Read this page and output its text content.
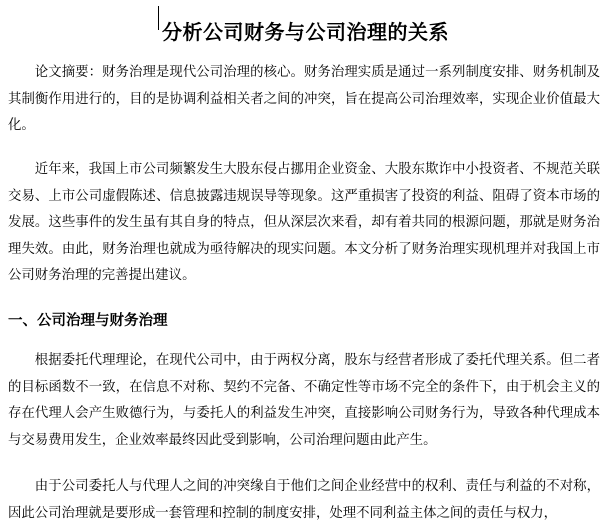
分析公司财务与公司治理的关系

论文摘要：财务治理是现代公司治理的核心。财务治理实质是通过一系列制度安排、财务机制及其制衡作用进行的，目的是协调利益相关者之间的冲突，旨在提高公司治理效率，实现企业价值最大化。

近年来，我国上市公司频繁发生大股东侵占挪用企业资金、大股东欺诈中小投资者、不规范关联交易、上市公司虚假陈述、信息披露违规误导等现象。这严重损害了投资的利益、阻碍了资本市场的发展。这些事件的发生虽有其自身的特点，但从深层次来看，却有着共同的根源问题，那就是财务治理失效。由此，财务治理也就成为亟待解决的现实问题。本文分析了财务治理实现机理并对我国上市公司财务治理的完善提出建议。

一、公司治理与财务治理

根据委托代理理论，在现代公司中，由于两权分离，股东与经营者形成了委托代理关系。但二者的目标函数不一致，在信息不对称、契约不完备、不确定性等市场不完全的条件下，由于机会主义的存在代理人会产生败德行为，与委托人的利益发生冲突，直接影响公司财务行为，导致各种代理成本与交易费用发生，企业效率最终因此受到影响，公司治理问题由此产生。

由于公司委托人与代理人之间的冲突缘自于他们之间企业经营中的权利、责任与利益的不对称，因此公司治理就是要形成一套管理和控制的制度安排，处理不同利益主体之间的责任与权力，
